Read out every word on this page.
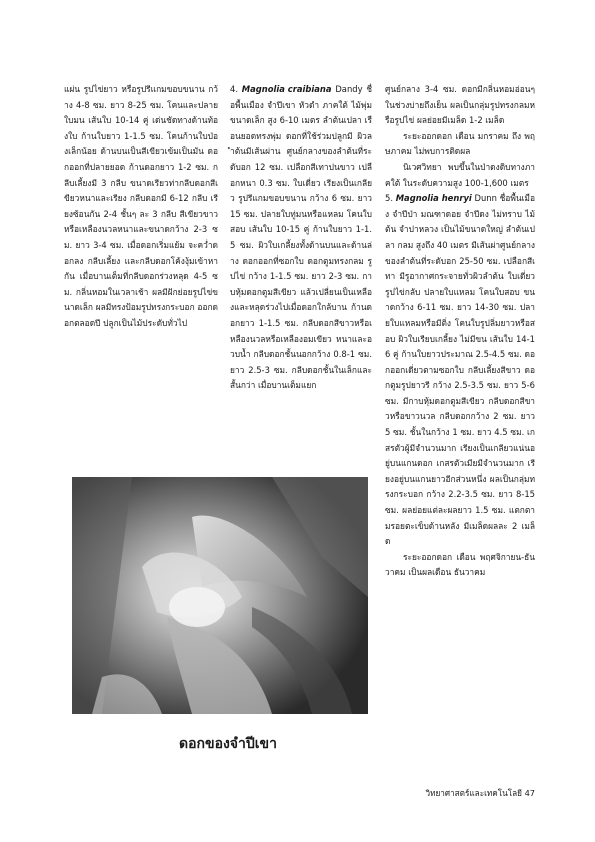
แผ่น รูปไข่ยาว หรือรูปรีแกมขอบขนาน กว้าง 4-8 ซม. ยาว 8-25 ซม. โคนและปลายใบมน เส้นใบ 10-14 คู่ เด่นชัดทางด้านท้องใบ ก้านใบยาว 1-1.5 ซม. โคนก้านใบป่องเล็กน้อย ด้านบนเป็นสีเขียวเข้มเป็นมัน ดอกออกที่ปลายยอด ก้านดอกยาว 1-2 ซม. กลีบเลี้ยงมี 3 กลีบ ขนาดเรียวท่ากลีบดอกสีเขียวหนาและเรียง กลีบดอกมี 6-12 กลีบ เรียงซ้อนกัน 2-4 ชั้นๆ ละ 3 กลีบ สีเขียวขาว หรือเหลืองนวลหนาและขนาดกว้าง 2-3 ซม. ยาว 3-4 ซม. เมื่อดอกเริ่มแย้ม จะคว่ำดอกลง กลีบเลี้ยง และกลีบดอกโค้งงุ้มเข้าหากัน เมื่อบานเต็มที่กลีบดอกร่วงหลุด 4-5 ซม. กลิ่นหอมในเวลาเช้า ผลมีฝักย่อยรูปไข่ขนาดเล็ก ผลมีทรงป้อมรูปทรงกระบอก ออกดอกตลอดปี ปลูกเป็นไม้ประดับทั่วไป

4. Magnolia craibiana Dandy ชื่อพื้นเมือง จำปีเขา หัวดำ ภาคใต้ ไม้พุ่มขนาดเล็ก สูง 6-10 เมตร ลำต้นเปลา เรือนยอดทรงพุ่ม ดอกที่ใช้ร่วมปลูกมี ผิวลำต้นมีเส้นผ่าน ศูนย์กลางของลำต้นที่ระดับอก 12 ซม. เปลือกสีเทาปนขาว เปลือกหนา 0.3 ซม. ใบเดี่ยว เรียงเป็นเกลียว รูปรีแกมขอบขนาน กว้าง 6 ซม. ยาว 15 ซม. ปลายใบทู่มนหรือแหลม โคนใบสอบ เส้นใบ 10-15 คู่ ก้านใบยาว 1-1.5 ซม. ผิวใบเกลี้ยงทั้งด้านบนและด้านล่าง ดอกออกที่ซอกใบ ดอกตูมทรงกลม รูปไข่ กว้าง 1-1.5 ซม. ยาว 2-3 ซม. กาบหุ้มดอกตูมสีเขียว แล้วเปลี่ยนเป็นเหลืองและหลุดร่วงไปเมื่อดอกใกล้บาน ก้านดอกยาว 1-1.5 ซม. กลีบดอกสีขาวหรือเหลืองนวลหรือเหลืองอมเขียว หนาและอวบน้ำ กลีบดอกชั้นนอกกว้าง 0.8-1 ซม. ยาว 2.5-3 ซม. กลีบดอกชั้นในเล็กและสั้นกว่า เมื่อบานเต็มแยก

ศูนย์กลาง 3-4 ซม. ดอกมีกลิ่นหอมอ่อนๆ ในช่วงบ่ายถึงเย็น ผลเป็นกลุ่มรูปทรงกลมหรือรูปไข่ ผลย่อยมีเมล็ด 1-2 เมล็ด

ระยะออกดอก เดือน มกราคม ถึง พฤษภาคม ไม่พบการติดผล

นิเวศวิทยา พบขึ้นในป่าดงดิบทางภาคใต้ ในระดับความสูง 100-1,600 เมตร

5. Magnolia henryi Dunn ชื่อพื้นเมือง จำปีป่า มณฑาดอย จำปีดง ไม่ทราบ ไม้ต้น จำปาหลวง เป็นไม้ขนาดใหญ่ ลำต้นเปลา กลม สูงถึง 40 เมตร มีเส้นผ่าศูนย์กลางของลำต้นที่ระดับอก 25-50 ซม. เปลือกสีเทา มีรูอากาศกระจายทั่วผิวลำต้น ใบเดี่ยว รูปไข่กลับ ปลายใบแหลม โคนใบสอบ ขนาดกว้าง 6-11 ซม. ยาว 14-30 ซม. ปลายใบแหลมหรือมีติ่ง โคนใบรูปลิ่มยาวหรือสอบ ผิวใบเรียบเกลี้ยง ไม่มีขน เส้นใบ 14-16 คู่ ก้านใบยาวประมาณ 2.5-4.5 ซม. ดอกออกเดี่ยวตามซอกใบ กลีบเลี้ยงสีขาว ดอกตูมรูปยาวรี กว้าง 2.5-3.5 ซม. ยาว 5-6 ซม. มีกาบหุ้มดอกตูมสีเขียว กลีบดอกสีขาวหรือขาวนวล กลีบดอกกว้าง 2 ซม. ยาว 5 ซม. ชั้นในกว้าง 1 ซม. ยาว 4.5 ซม. เกสรตัวผู้มีจำนวนมาก เรียงเป็นเกลียวแน่นอยู่บนแกนดอก เกสรตัวเมียมีจำนวนมาก เรียงอยู่บนแกนยาวอีกส่วนหนึ่ง ผลเป็นกลุ่มทรงกระบอก กว้าง 2.2-3.5 ซม. ยาว 8-15 ซม. ผลย่อยแต่ละผลยาว 1.5 ซม. แตกตามรอยตะเข็บด้านหลัง มีเมล็ดผลละ 2 เมล็ด

ระยะออกดอก เดือน พฤศจิกายน-ธันวาคม เป็นผลเดือน ธันวาคม

ดอกของจำปีเขา
วิทยาศาสตร์และเทคโนโลยี 47
